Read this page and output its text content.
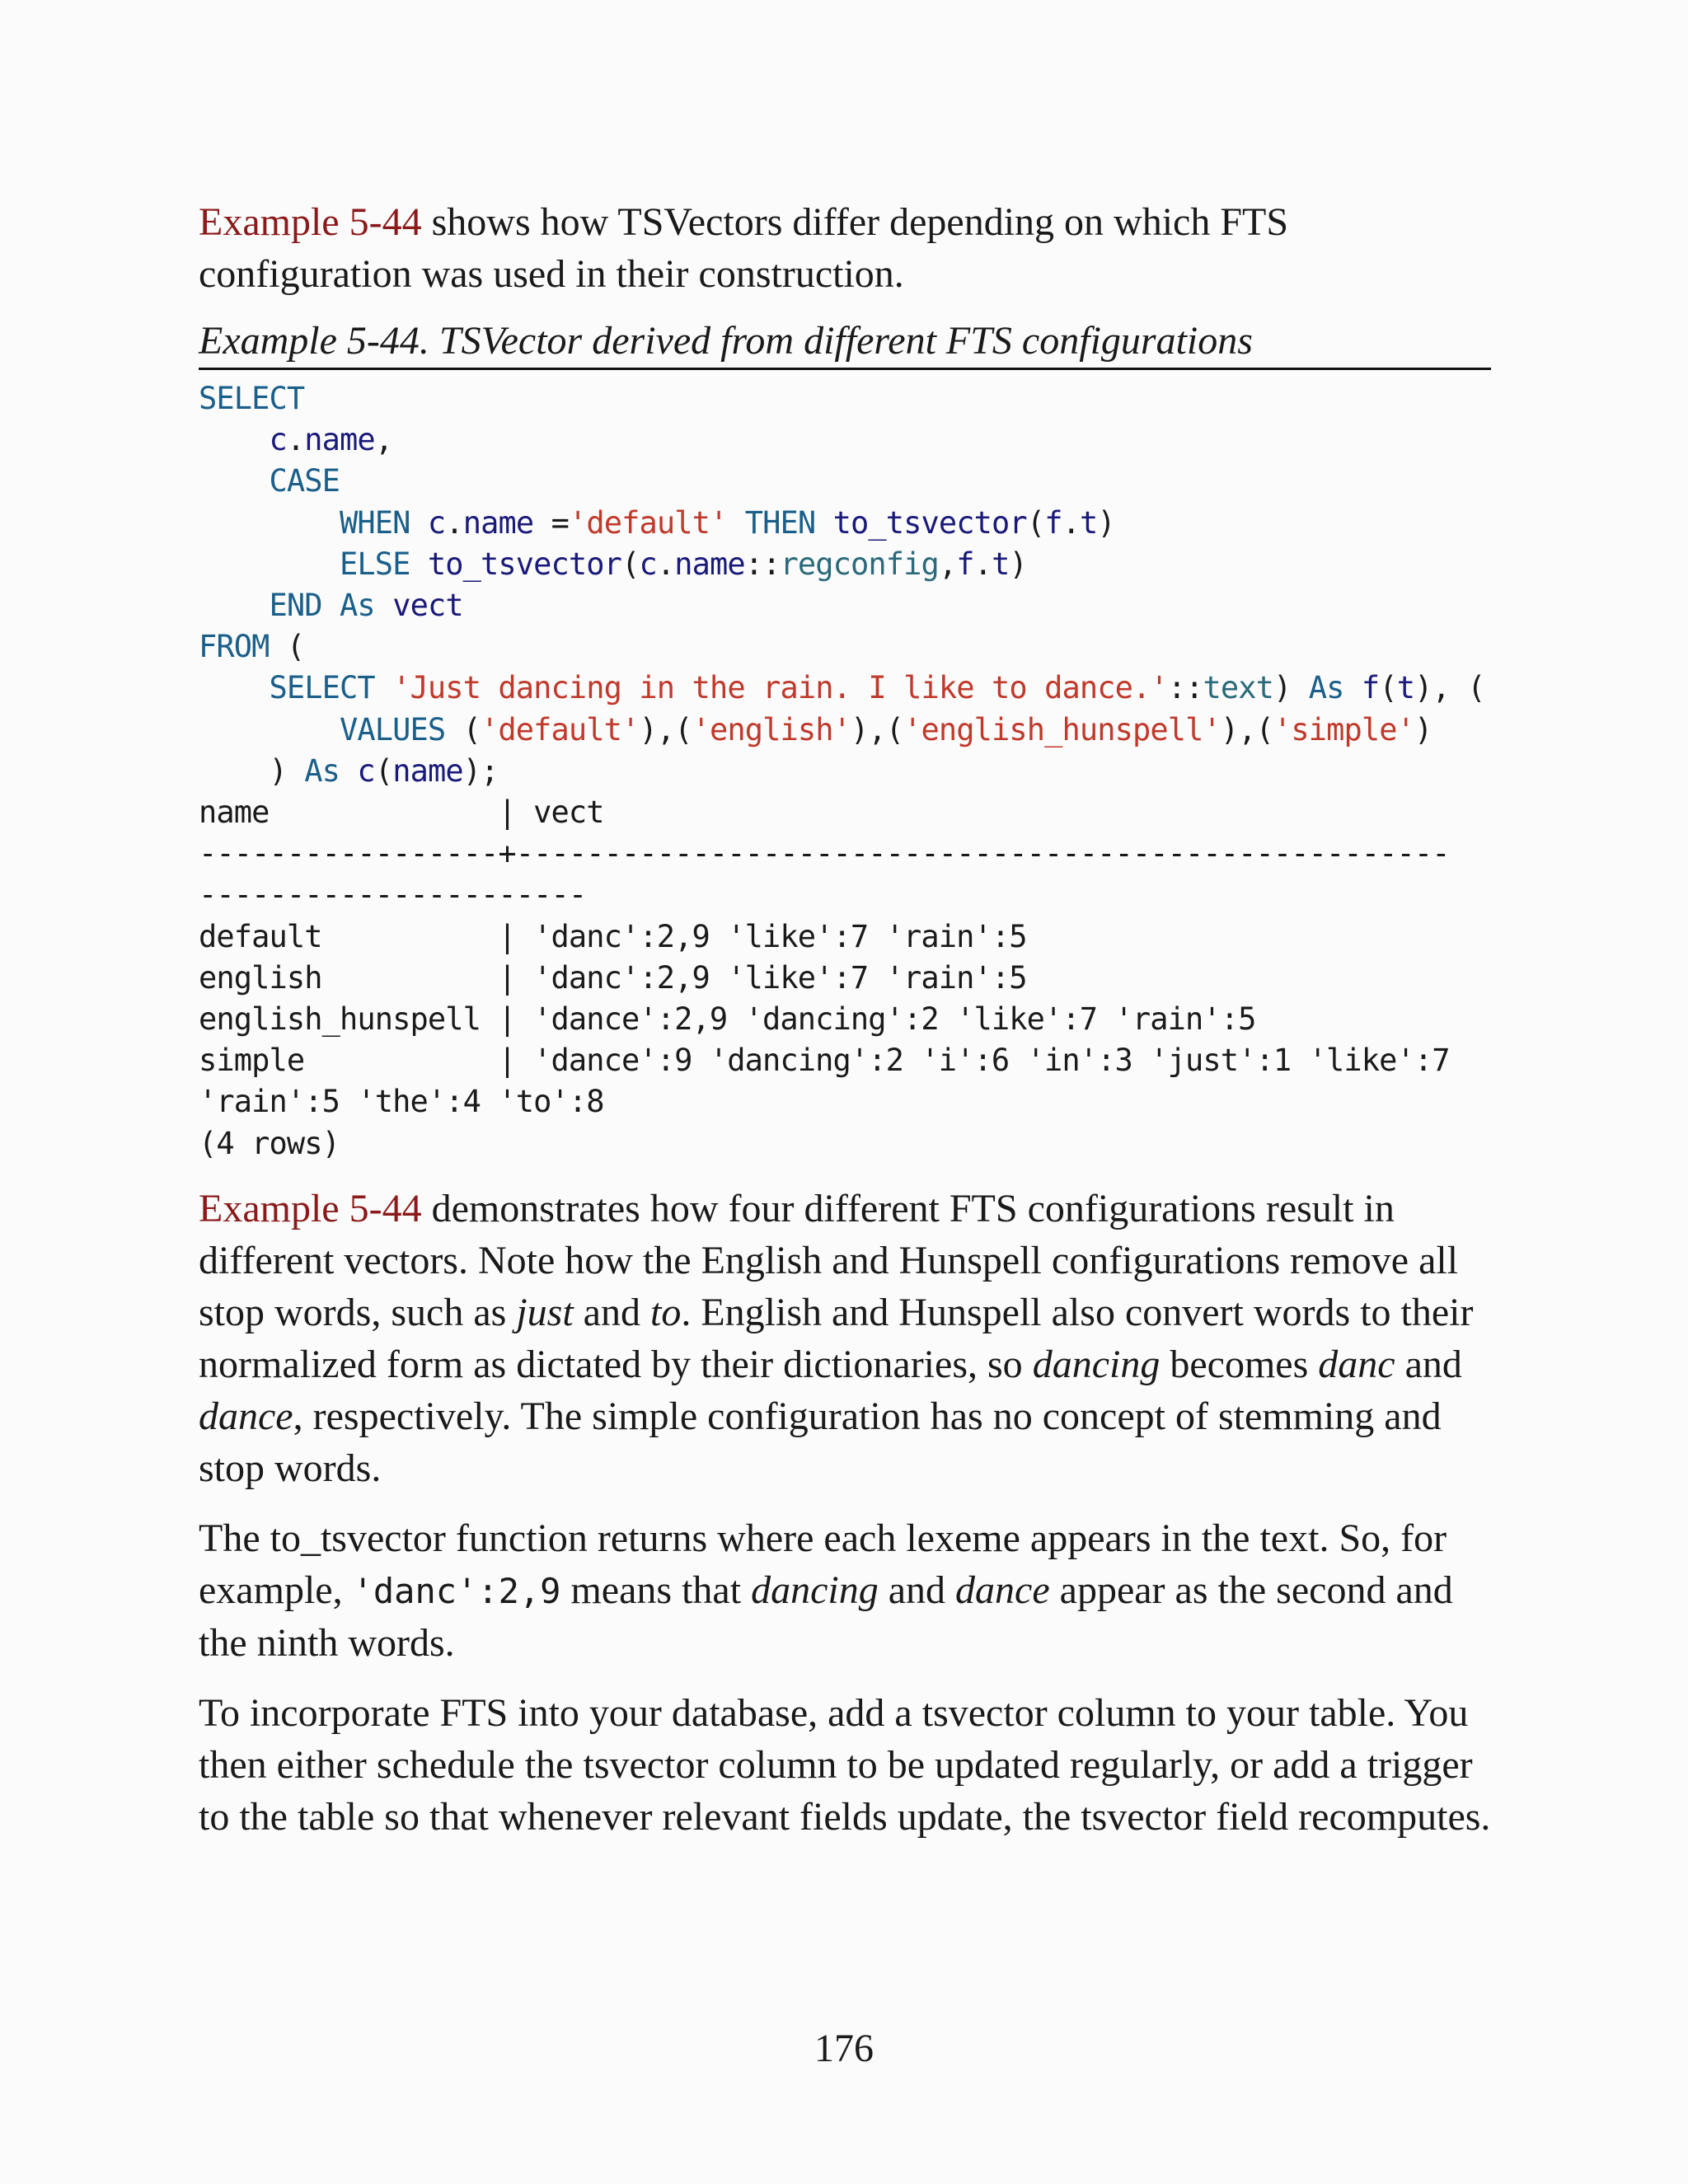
Example 5-44 shows how TSVectors differ depending on which FTS configuration was used in their construction.

Example 5-44. TSVector derived from different FTS configurations
SELECT
c.name,
CASE
WHEN c.name ='default' THEN to_tsvector(f.t)
ELSE to_tsvector(c.name::regconfig,f.t)
END As vect
FROM (
SELECT 'Just dancing in the rain. I like to dance.'::text) As f(t), (
VALUES ('default'),('english'),('english_hunspell'),('simple')
) As c(name);
name             | vect
-----------------+-----------------------------------------------------
----------------------
default          | 'danc':2,9 'like':7 'rain':5
english          | 'danc':2,9 'like':7 'rain':5
english_hunspell | 'dance':2,9 'dancing':2 'like':7 'rain':5
simple           | 'dance':9 'dancing':2 'i':6 'in':3 'just':1 'like':7
'rain':5 'the':4 'to':8
(4 rows)

Example 5-44 demonstrates how four different FTS configurations result in different vectors. Note how the English and Hunspell configurations remove all stop words, such as just and to. English and Hunspell also convert words to their normalized form as dictated by their dictionaries, so dancing becomes danc and dance, respectively. The simple configuration has no concept of stemming and stop words.

The to_tsvector function returns where each lexeme appears in the text. So, for example, 'danc':2,9 means that dancing and dance appear as the second and the ninth words.

To incorporate FTS into your database, add a tsvector column to your table. You then either schedule the tsvector column to be updated regularly, or add a trigger to the table so that whenever relevant fields update, the tsvector field recomputes.

176
